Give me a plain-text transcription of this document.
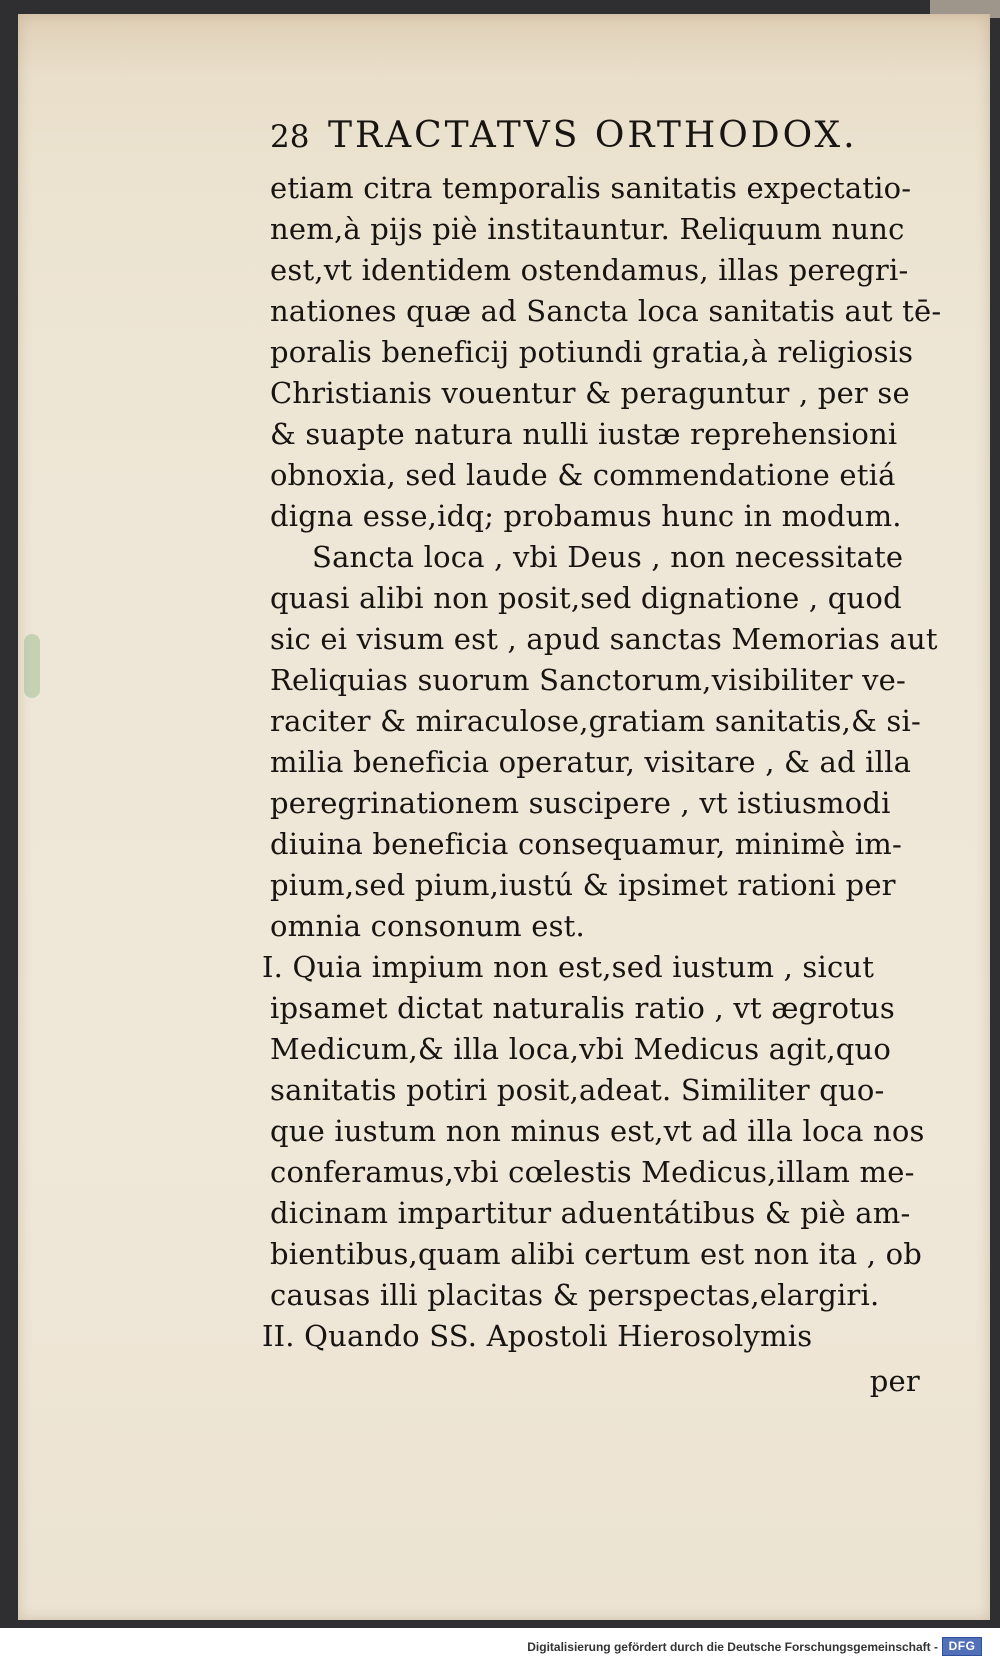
28 TRACTATVS ORTHODOX.
etiam citra temporalis sanitatis expectatio-
nem,à pijs piè institauntur. Reliquum nunc
est,vt identidem ostendamus, illas peregri-
nationes quæ ad Sancta loca sanitatis aut tē-
poralis beneficij potiundi gratia,à religiosis
Christianis vouentur & peraguntur , per se
& suapte natura nulli iustæ reprehensioni
obnoxia, sed laude & commendatione etiá
digna esse,idq; probamus hunc in modum.
Sancta loca , vbi Deus , non necessitate
quasi alibi non posit,sed dignatione , quod
sic ei visum est , apud sanctas Memorias aut
Reliquias suorum Sanctorum,visibiliter ve-
raciter & miraculose,gratiam sanitatis,& si-
milia beneficia operatur, visitare , & ad illa
peregrinationem suscipere , vt istiusmodi
diuina beneficia consequamur, minimè im-
pium,sed pium,iustú & ipsimet rationi per
omnia consonum est.
I. Quia impium non est,sed iustum , sicut
ipsamet dictat naturalis ratio , vt ægrotus
Medicum,& illa loca,vbi Medicus agit,quo
sanitatis potiri posit,adeat. Similiter quo-
que iustum non minus est,vt ad illa loca nos
conferamus,vbi cœlestis Medicus,illam me-
dicinam impartitur aduentátibus & piè am-
bientibus,quam alibi certum est non ita , ob
causas illi placitas & perspectas,elargiri.
II. Quando SS. Apostoli Hierosolymis
per
Digitalisierung gefördert durch die Deutsche Forschungsgemeinschaft - DFG
